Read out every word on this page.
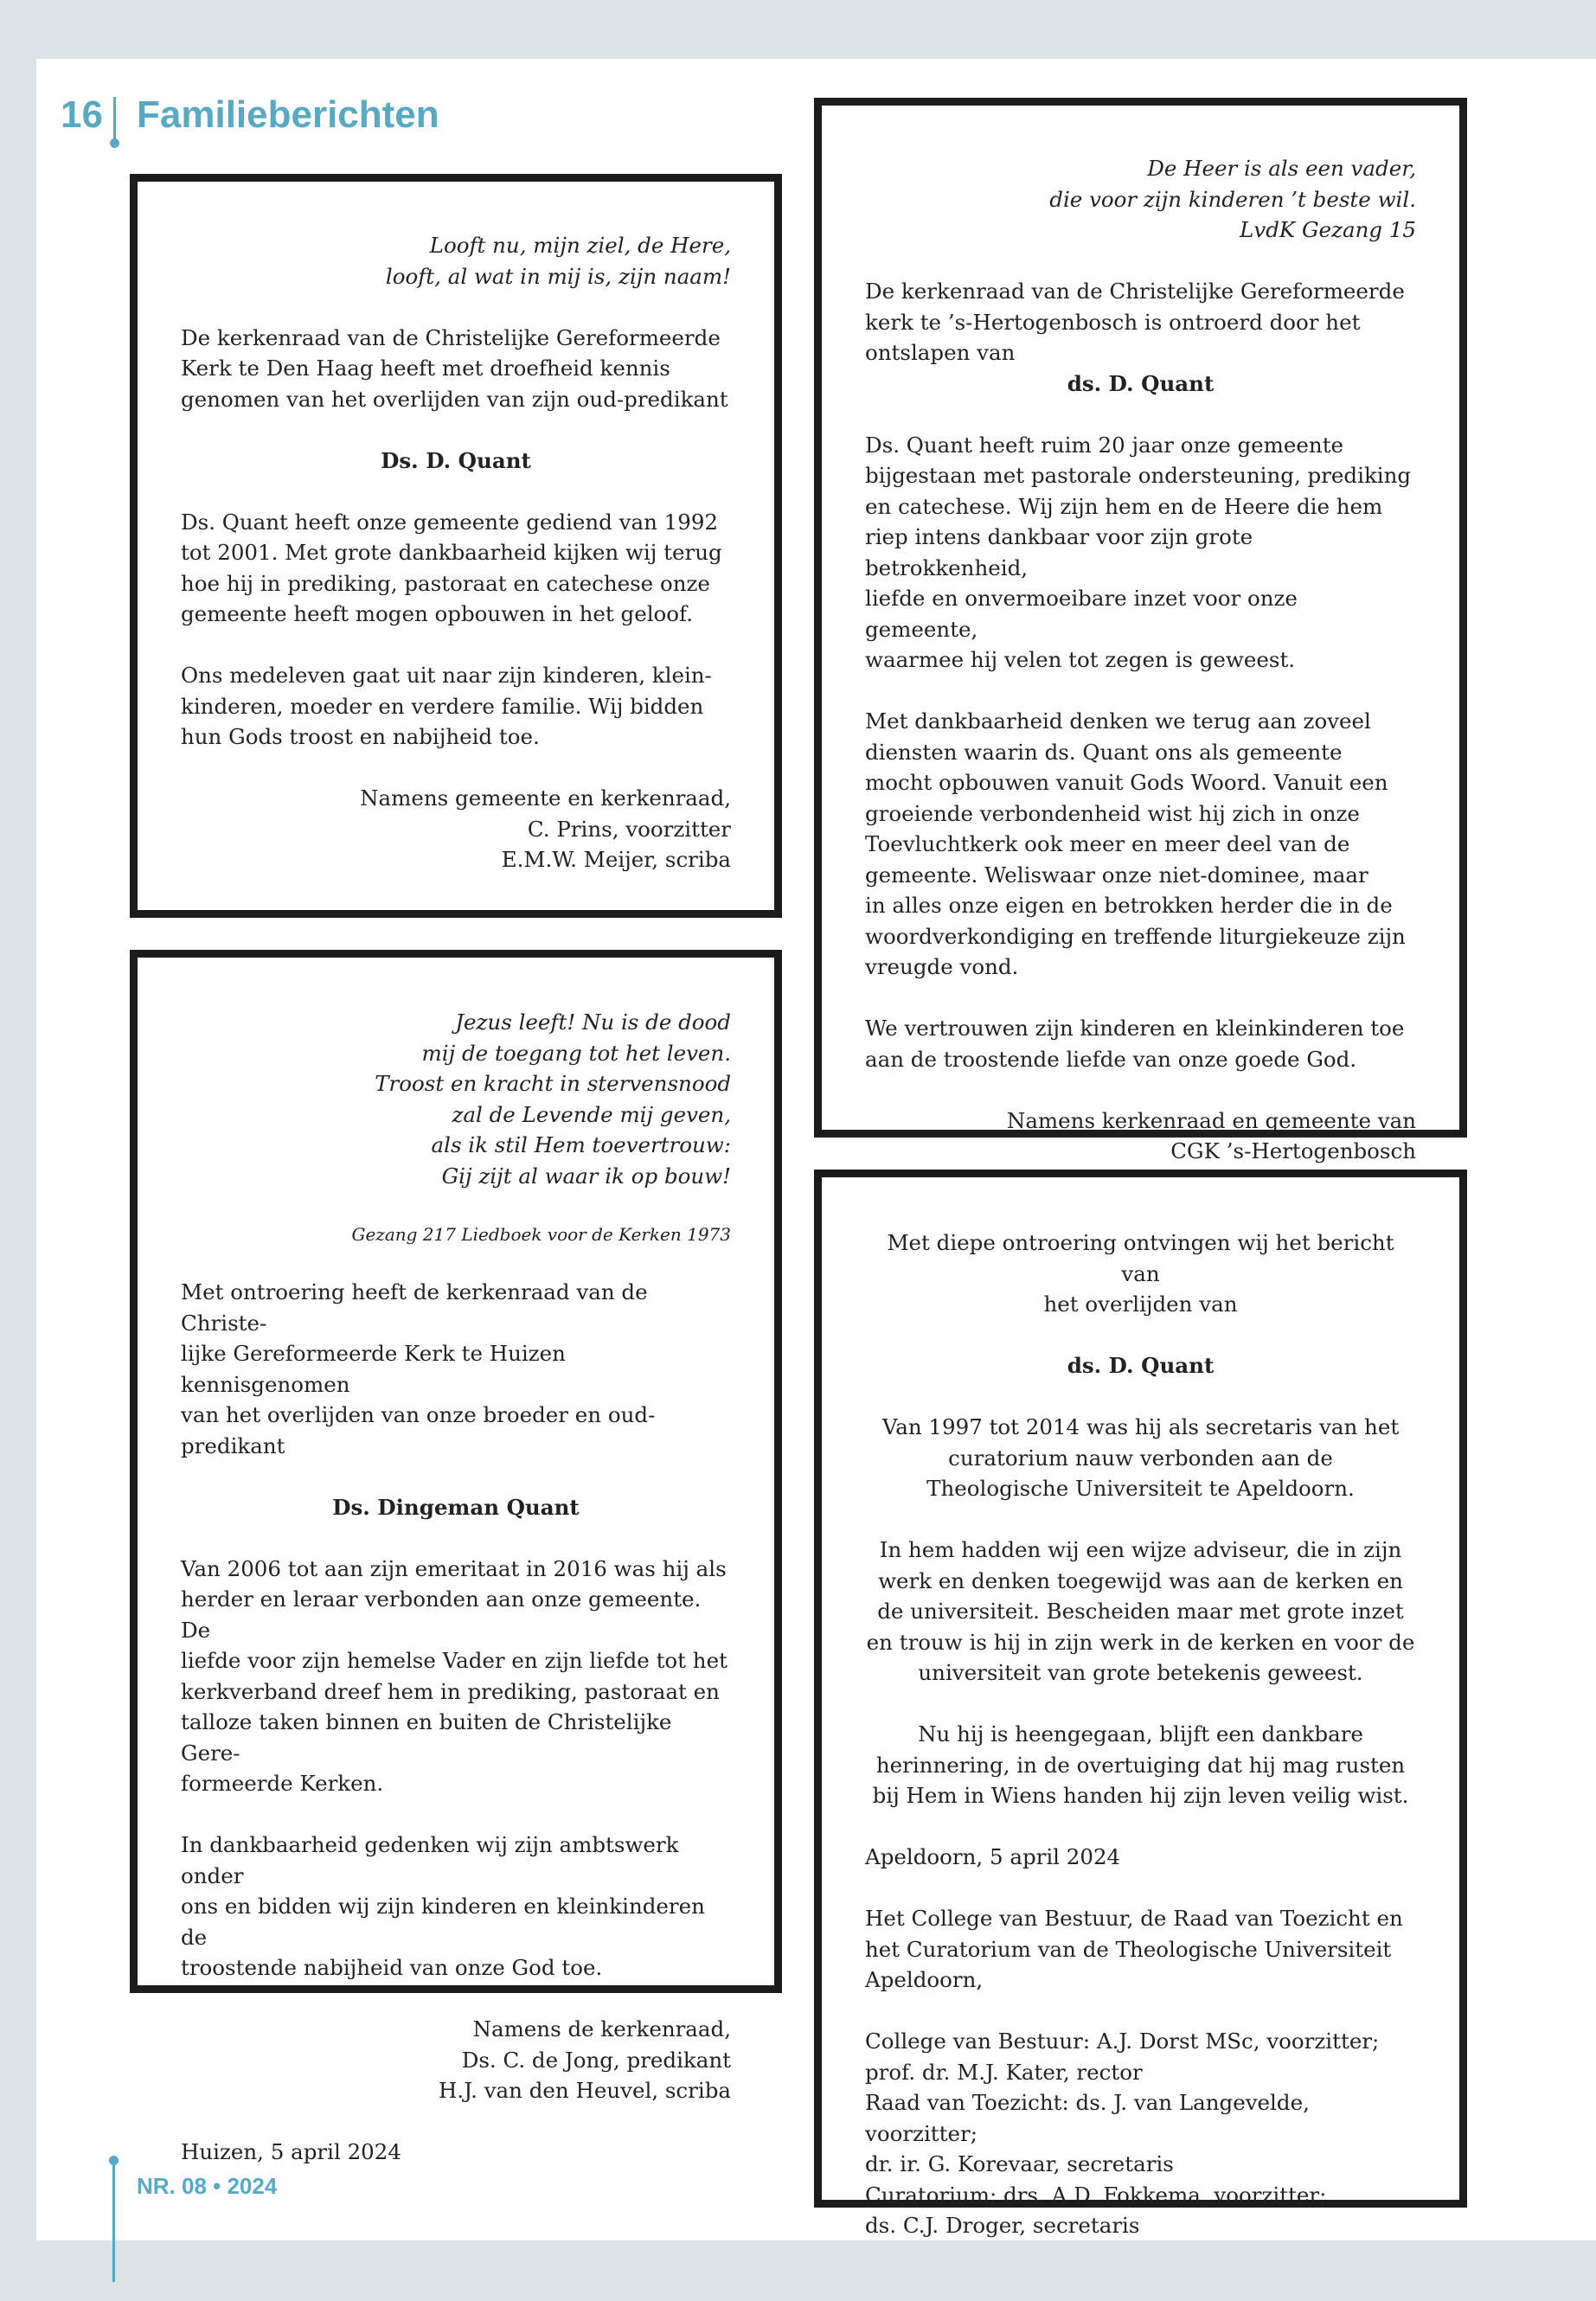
16 Familieberichten

Looft nu, mijn ziel, de Here,

looft, al wat in mij is, zijn naam!

De kerkenraad van de Christelijke Gereformeerde

Kerk te Den Haag heeft met droefheid kennis

genomen van het overlijden van zijn oud-predikant

Ds. D. Quant

Ds. Quant heeft onze gemeente gediend van 1992

tot 2001. Met grote dankbaarheid kijken wij terug

hoe hij in prediking, pastoraat en catechese onze

gemeente heeft mogen opbouwen in het geloof.

Ons medeleven gaat uit naar zijn kinderen, klein-

kinderen, moeder en verdere familie. Wij bidden

hun Gods troost en nabijheid toe.

Namens gemeente en kerkenraad,

C. Prins, voorzitter

E.M.W. Meijer, scriba

De Heer is als een vader,

die voor zijn kinderen ’t beste wil.

LvdK Gezang 15

De kerkenraad van de Christelijke Gereformeerde

kerk te ’s-Hertogenbosch is ontroerd door het

ontslapen van

ds. D. Quant

Ds. Quant heeft ruim 20 jaar onze gemeente

bijgestaan met pastorale ondersteuning, prediking

en catechese. Wij zijn hem en de Heere die hem

riep intens dankbaar voor zijn grote betrokkenheid,

liefde en onvermoeibare inzet voor onze gemeente,

waarmee hij velen tot zegen is geweest.

Met dankbaarheid denken we terug aan zoveel

diensten waarin ds. Quant ons als gemeente

mocht opbouwen vanuit Gods Woord. Vanuit een

groeiende verbondenheid wist hij zich in onze

Toevluchtkerk ook meer en meer deel van de

gemeente. Weliswaar onze niet-dominee, maar

in alles onze eigen en betrokken herder die in de

woordverkondiging en treffende liturgiekeuze zijn

vreugde vond.

We vertrouwen zijn kinderen en kleinkinderen toe

aan de troostende liefde van onze goede God.

Namens kerkenraad en gemeente van

CGK ’s-Hertogenbosch

Jezus leeft! Nu is de dood

mij de toegang tot het leven.

Troost en kracht in stervensnood

zal de Levende mij geven,

als ik stil Hem toevertrouw:

Gij zijt al waar ik op bouw!

Gezang 217 Liedboek voor de Kerken 1973

Met ontroering heeft de kerkenraad van de Christe-

lijke Gereformeerde Kerk te Huizen kennisgenomen

van het overlijden van onze broeder en oud-predikant

Ds. Dingeman Quant

Van 2006 tot aan zijn emeritaat in 2016 was hij als

herder en leraar verbonden aan onze gemeente. De

liefde voor zijn hemelse Vader en zijn liefde tot het

kerkverband dreef hem in prediking, pastoraat en

talloze taken binnen en buiten de Christelijke Gere-

formeerde Kerken.

In dankbaarheid gedenken wij zijn ambtswerk onder

ons en bidden wij zijn kinderen en kleinkinderen de

troostende nabijheid van onze God toe.

Namens de kerkenraad,

Ds. C. de Jong, predikant

H.J. van den Heuvel, scriba

Huizen, 5 april 2024

Met diepe ontroering ontvingen wij het bericht van

het overlijden van

ds. D. Quant

Van 1997 tot 2014 was hij als secretaris van het

curatorium nauw verbonden aan de

Theologische Universiteit te Apeldoorn.

In hem hadden wij een wijze adviseur, die in zijn

werk en denken toegewijd was aan de kerken en

de universiteit. Bescheiden maar met grote inzet

en trouw is hij in zijn werk in de kerken en voor de

universiteit van grote betekenis geweest.

Nu hij is heengegaan, blijft een dankbare

herinnering, in de overtuiging dat hij mag rusten

bij Hem in Wiens handen hij zijn leven veilig wist.

Apeldoorn, 5 april 2024

Het College van Bestuur, de Raad van Toezicht en

het Curatorium van de Theologische Universiteit

Apeldoorn,

College van Bestuur: A.J. Dorst MSc, voorzitter;

prof. dr. M.J. Kater, rector

Raad van Toezicht: ds. J. van Langevelde, voorzitter;

dr. ir. G. Korevaar, secretaris

Curatorium: drs. A.D. Fokkema, voorzitter;

ds. C.J. Droger, secretaris

NR. 08 • 2024
